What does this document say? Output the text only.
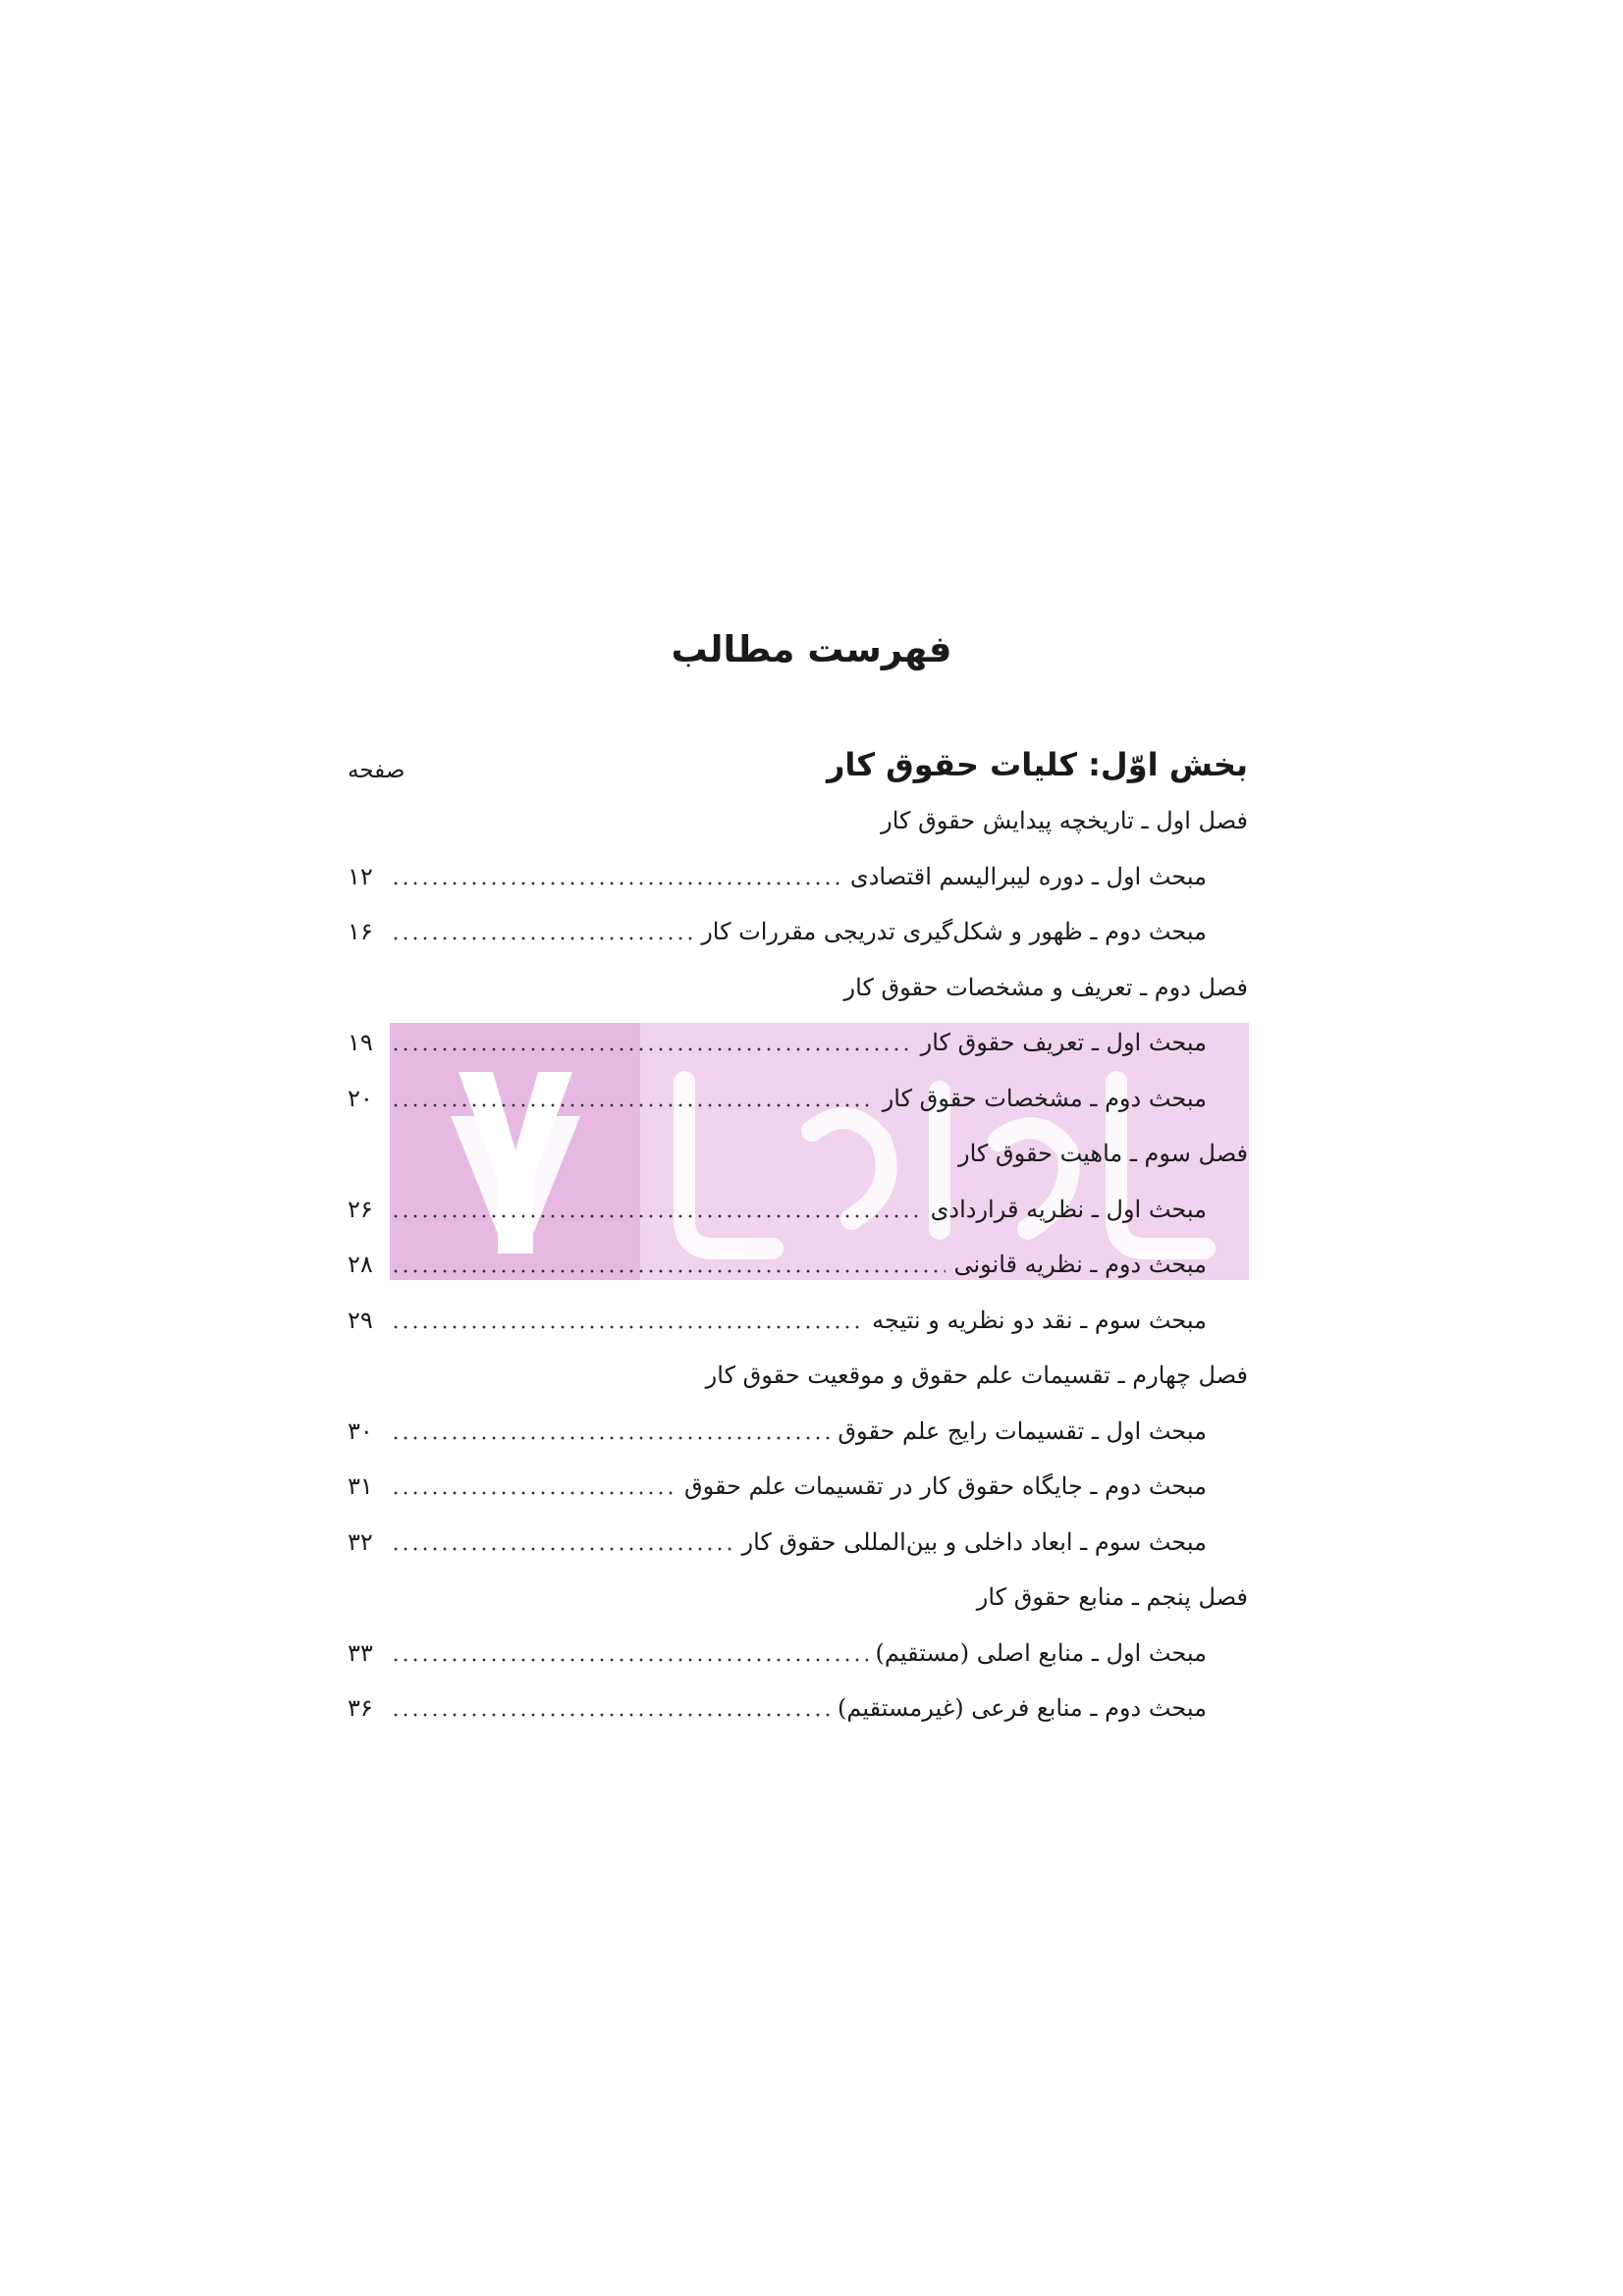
فهرست مطالب
بخش اوّل: کلیات حقوق کار
صفحه
فصل اول ـ تاریخچه پیدایش حقوق کار
مبحث اول ـ دوره لیبرالیسم اقتصادی
۱۲
مبحث دوم ـ ظهور و شکل‌گیری تدریجی مقررات کار
۱۶
فصل دوم ـ تعریف و مشخصات حقوق کار
مبحث اول ـ تعریف حقوق کار
۱۹
مبحث دوم ـ مشخصات حقوق کار
۲۰
فصل سوم ـ ماهیت حقوق کار
مبحث اول ـ نظریه قراردادی
۲۶
مبحث دوم ـ نظریه قانونی
۲۸
مبحث سوم ـ نقد دو نظریه و نتیجه
۲۹
فصل چهارم ـ تقسیمات علم حقوق و موقعیت حقوق کار
مبحث اول ـ تقسیمات رایج علم حقوق
۳۰
مبحث دوم ـ جایگاه حقوق کار در تقسیمات علم حقوق
۳۱
مبحث سوم ـ ابعاد داخلی و بین‌المللی حقوق کار
۳۲
فصل پنجم ـ منابع حقوق کار
مبحث اول ـ منابع اصلی (مستقیم)
۳۳
مبحث دوم ـ منابع فرعی (غیرمستقیم)
۳۶
